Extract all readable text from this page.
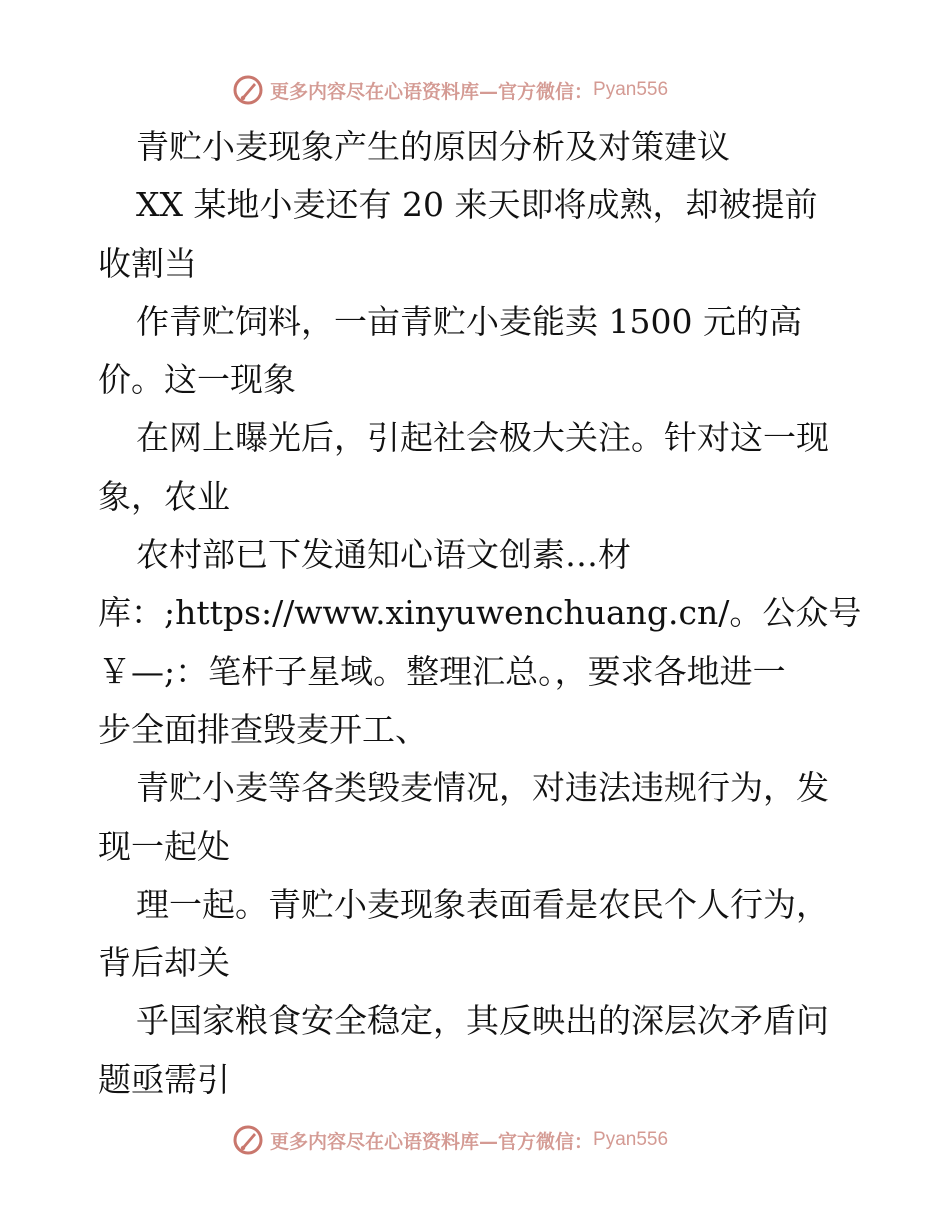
更多内容尽在心语资料库—官方微信： Pyan556
青贮小麦现象产生的原因分析及对策建议
XX 某地小麦还有 20 来天即将成熟，却被提前
收割当
作青贮饲料，一亩青贮小麦能卖 1500 元的高
价。这一现象
在网上曝光后，引起社会极大关注。针对这一现
象，农业
农村部已下发通知心语文创素…材
库：;https://www.xinyuwenchuang.cn/。公众号
￥—;：笔杆子星域。整理汇总。，要求各地进一
步全面排查毁麦开工、
青贮小麦等各类毁麦情况，对违法违规行为，发
现一起处
理一起。青贮小麦现象表面看是农民个人行为，
背后却关
乎国家粮食安全稳定，其反映出的深层次矛盾问
题亟需引
更多内容尽在心语资料库—官方微信： Pyan556
